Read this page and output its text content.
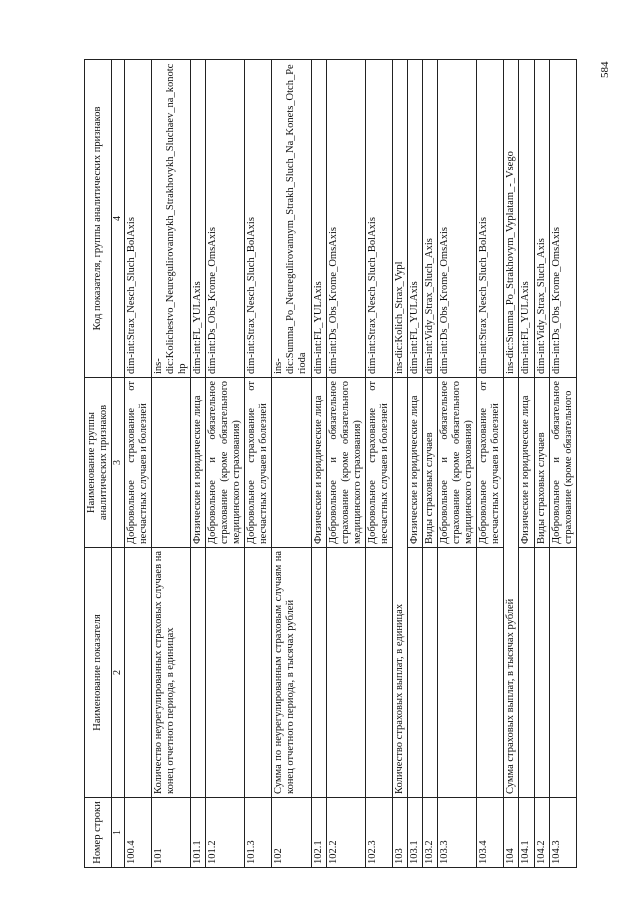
584
Номер строки	Наименование показателя	Наименование группы аналитических признаков	Код показателя, группы аналитических признаков
1	2	3	4
100.4		Добровольное страхование от несчастных случаев и болезней	dim-int:Strax_Nesch_Sluch_BolAxis
101	Количество неурегулированных страховых случаев на конец отчетного периода, в единицах		ins-dic:Kolichestvo_Neuregulirovannykh_Strakhovykh_Sluchaev_na_konotchp
101.1		Физические и юридические лица	dim-int:FL_YULAxis
101.2		Добровольное и обязательное страхование (кроме обязательного медицинского страхования)	dim-int:Ds_Obs_Krome_OmsAxis
101.3		Добровольное страхование от несчастных случаев и болезней	dim-int:Strax_Nesch_Sluch_BolAxis
102	Сумма по неурегулированным страховым случаям на конец отчетного периода, в тысячах рублей		ins-dic:Summa_Po_Neuregulirovannym_Strakh_Sluch_Na_Konets_Otch_Perioda
102.1		Физические и юридические лица	dim-int:FL_YULAxis
102.2		Добровольное и обязательное страхование (кроме обязательного медицинского страхования)	dim-int:Ds_Obs_Krome_OmsAxis
102.3		Добровольное страхование от несчастных случаев и болезней	dim-int:Strax_Nesch_Sluch_BolAxis
103	Количество страховых выплат, в единицах		ins-dic:Kolich_Strax_Vypl
103.1		Физические и юридические лица	dim-int:FL_YULAxis
103.2		Виды страховых случаев	dim-int:Vidy_Strax_Sluch_Axis
103.3		Добровольное и обязательное страхование (кроме обязательного медицинского страхования)	dim-int:Ds_Obs_Krome_OmsAxis
103.4		Добровольное страхование от несчастных случаев и болезней	dim-int:Strax_Nesch_Sluch_BolAxis
104	Сумма страховых выплат, в тысячах рублей		ins-dic:Summa_Po_Strakhovym_Vyplatam_-_Vsego
104.1		Физические и юридические лица	dim-int:FL_YULAxis
104.2		Виды страховых случаев	dim-int:Vidy_Strax_Sluch_Axis
104.3		Добровольное и обязательное страхование (кроме обязательного	dim-int:Ds_Obs_Krome_OmsAxis
